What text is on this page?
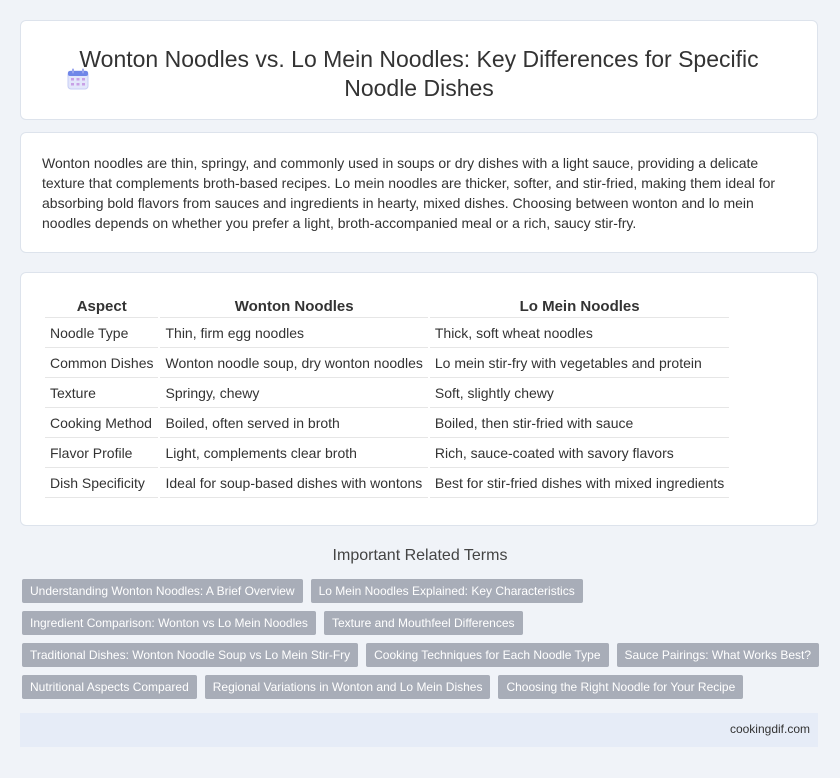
Wonton Noodles vs. Lo Mein Noodles: Key Differences for Specific Noodle Dishes
Wonton noodles are thin, springy, and commonly used in soups or dry dishes with a light sauce, providing a delicate texture that complements broth-based recipes. Lo mein noodles are thicker, softer, and stir-fried, making them ideal for absorbing bold flavors from sauces and ingredients in hearty, mixed dishes. Choosing between wonton and lo mein noodles depends on whether you prefer a light, broth-accompanied meal or a rich, saucy stir-fry.
Aspect	Wonton Noodles	Lo Mein Noodles
Noodle Type	Thin, firm egg noodles	Thick, soft wheat noodles
Common Dishes	Wonton noodle soup, dry wonton noodles	Lo mein stir-fry with vegetables and protein
Texture	Springy, chewy	Soft, slightly chewy
Cooking Method	Boiled, often served in broth	Boiled, then stir-fried with sauce
Flavor Profile	Light, complements clear broth	Rich, sauce-coated with savory flavors
Dish Specificity	Ideal for soup-based dishes with wontons	Best for stir-fried dishes with mixed ingredients
Important Related Terms
Understanding Wonton Noodles: A Brief Overview	Lo Mein Noodles Explained: Key Characteristics
Ingredient Comparison: Wonton vs Lo Mein Noodles	Texture and Mouthfeel Differences
Traditional Dishes: Wonton Noodle Soup vs Lo Mein Stir-Fry	Cooking Techniques for Each Noodle Type	Sauce Pairings: What Works Best?
Nutritional Aspects Compared	Regional Variations in Wonton and Lo Mein Dishes	Choosing the Right Noodle for Your Recipe
cookingdif.com
